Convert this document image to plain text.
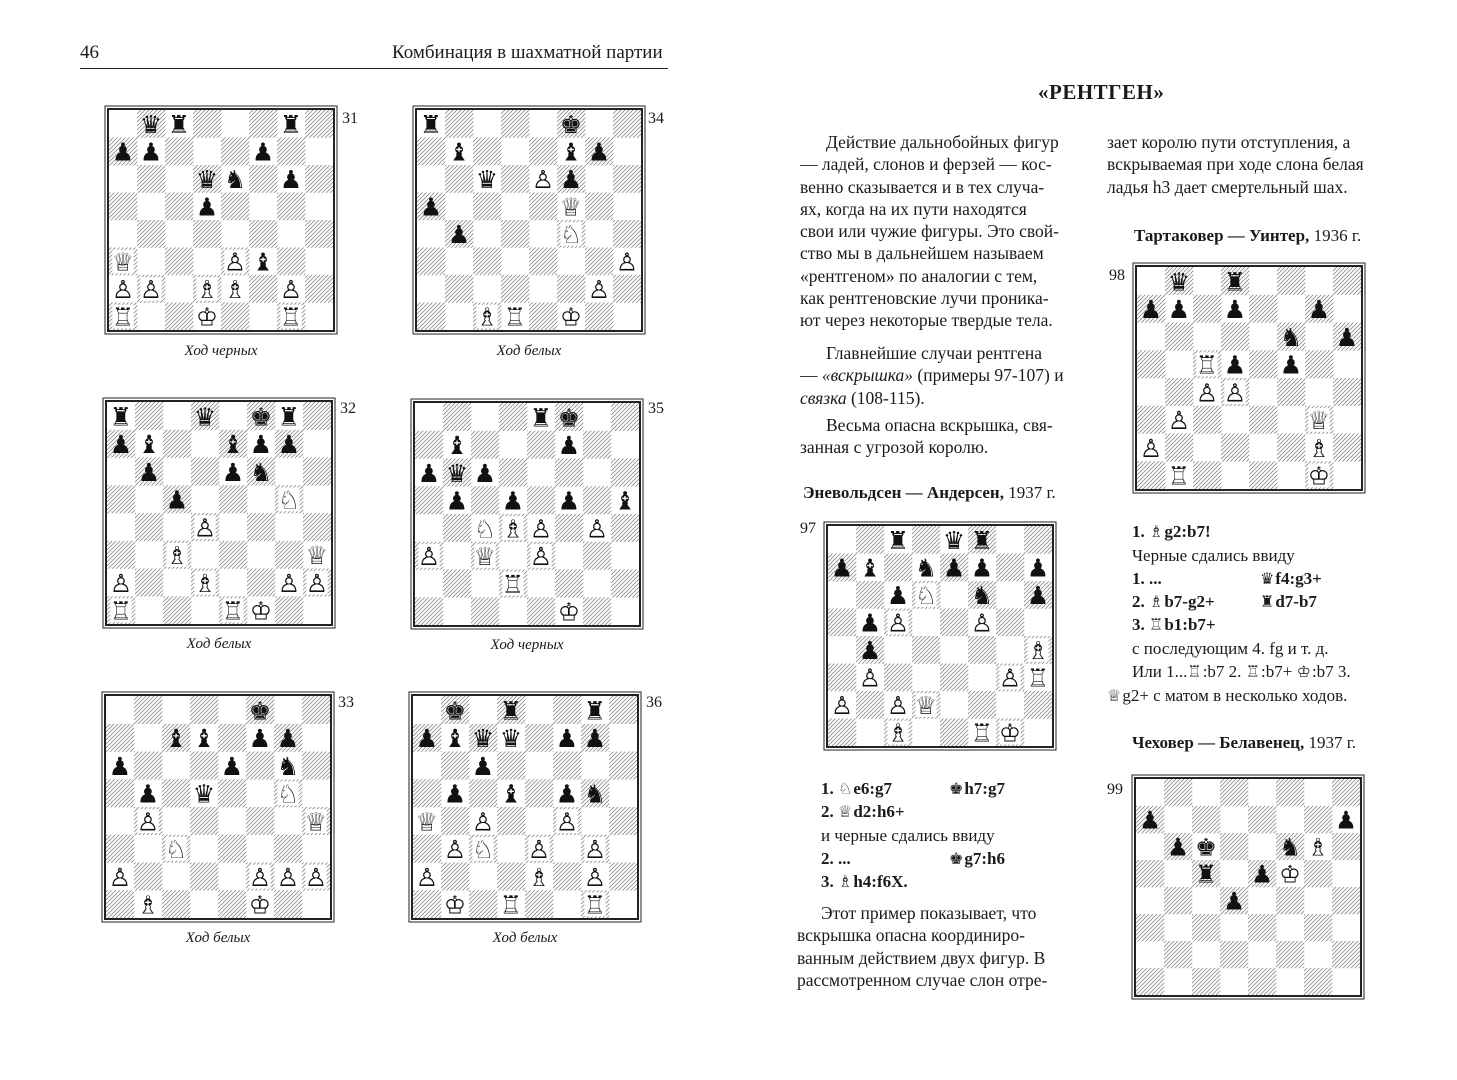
46	Комбинация в шахматной партии
♛ ♜	♜
♟ ♟	♟
♛ ♞ ♟
♟
♕	♙ ♝
♙ ♙ ♗ ♗ ♙
♖ ♔ ♖
31
Ход черных
♜	♚
♝	♝ ♟
♛ ♙ ♟
♟	♕
♟	♘
♙
♙
♗ ♖ ♔
34
Ход белых
♜ ♛ ♚ ♜
♟ ♝ ♝ ♟ ♟
♟ ♟ ♞
♟	♘
♙
♗	♕
♙ ♗ ♙ ♙
♖	♖ ♔
32
Ход белых
♜ ♚
♝	♟
♟ ♛ ♟
♟ ♟ ♟ ♝
♘ ♗ ♙ ♙
♙ ♕ ♙
♖
♔
35
Ход черных
♚
♝ ♝ ♟ ♟
♟	♟ ♞
♟ ♛ ♘
♙	♕
♘
♙	♙ ♙ ♙
♗	♔
33
Ход белых
♚ ♜ ♜
♟ ♝ ♛ ♛ ♟ ♟
♟
♟ ♝ ♟ ♞
♕ ♙ ♙
♙ ♘ ♙ ♙
♙	♗ ♙
♔ ♖ ♖
36
Ход белых
«РЕНТГЕН»
Действие дальнобойных фигур
— ладей, слонов и ферзей — кос-
венно сказывается и в тех случа-
ях, когда на их пути находятся
свои или чужие фигуры. Это свой-
ство мы в дальнейшем называем
«рентгеном» по аналогии с тем,
как рентгеновские лучи проника-
ют через некоторые твердые тела.
Главнейшие случаи рентгена
— «вскрышка» (примеры 97-107) и
связка (108-115).
Весьма опасна вскрышка, свя-
занная с угрозой королю.
Эневольдсен — Андерсен, 1937 г.
97	♜ ♛ ♜
♟ ♝ ♞ ♟ ♟ ♟
♟ ♘ ♞ ♟
♟ ♙ ♙
♟	♗
♖
♙
♙
♙ ♕
♙
♗ ♖ ♔
1. ♘e6:g7	♚h7:g7
2. ♕d2:h6+
и черные сдались ввиду
2. ...	♚g7:h6
3. ♗h4:f6X.
Этот пример показывает, что
вскрышка опасна координиро-
ванным действием двух фигур. В
рассмотренном случае слон отре-
зает королю пути отступления, а
вскрываемая при ходе слона белая
ладья h3 дает смертельный шах.
Тартаковер — Уинтер, 1936 г.
98 ♛ ♜
♟ ♟ ♟ ♟
♞ ♟
♖ ♟ ♟
♙ ♙
♙	♕
♙	♗
♖	♔
1. ♗g2:b7!
Черные сдались ввиду
1. ...	♛f4:g3+
2. ♗b7-g2+	♜d7-b7
3. ♖b1:b7+
с последующим 4. fg и т. д.
Или 1...♖:b7 2. ♖:b7+ ♔:b7 3.
♕g2+ с матом в несколько ходов.
Чеховер — Белавенец, 1937 г.
99
♟	♟
♟ ♚	♞ ♗
♜ ♟ ♔
♟
